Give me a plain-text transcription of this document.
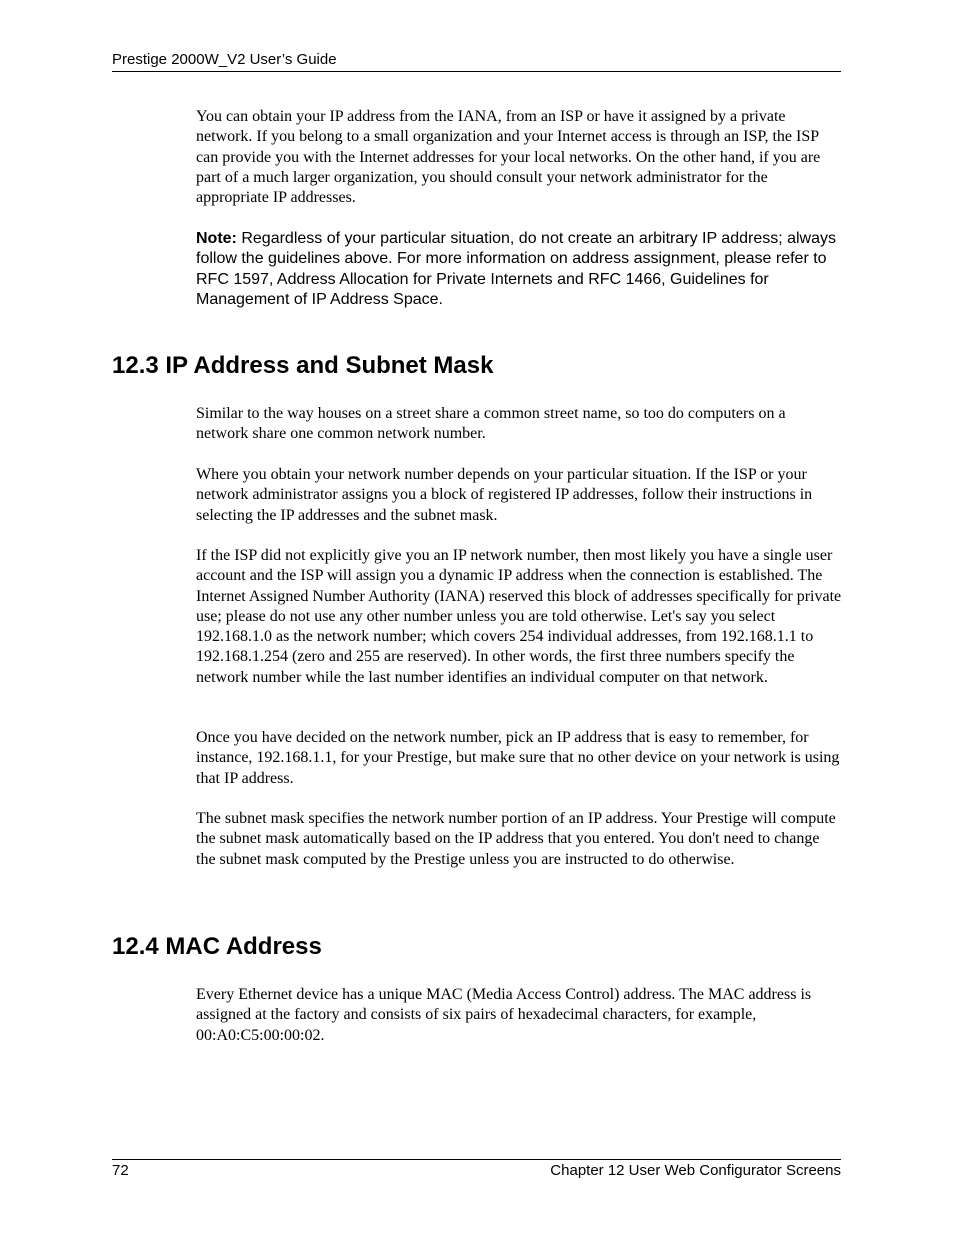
Prestige 2000W_V2 User’s Guide

You can obtain your IP address from the IANA, from an ISP or have it assigned by a private network. If you belong to a small organization and your Internet access is through an ISP, the ISP can provide you with the Internet addresses for your local networks. On the other hand, if you are part of a much larger organization, you should consult your network administrator for the appropriate IP addresses.

Note: Regardless of your particular situation, do not create an arbitrary IP address; always follow the guidelines above. For more information on address assignment, please refer to RFC 1597, Address Allocation for Private Internets and RFC 1466, Guidelines for Management of IP Address Space.

12.3 IP Address and Subnet Mask

Similar to the way houses on a street share a common street name, so too do computers on a network share one common network number.

Where you obtain your network number depends on your particular situation. If the ISP or your network administrator assigns you a block of registered IP addresses, follow their instructions in selecting the IP addresses and the subnet mask.

If the ISP did not explicitly give you an IP network number, then most likely you have a single user account and the ISP will assign you a dynamic IP address when the connection is established. The Internet Assigned Number Authority (IANA) reserved this block of addresses specifically for private use; please do not use any other number unless you are told otherwise. Let's say you select 192.168.1.0 as the network number; which covers 254 individual addresses, from 192.168.1.1 to 192.168.1.254 (zero and 255 are reserved). In other words, the first three numbers specify the network number while the last number identifies an individual computer on that network.

Once you have decided on the network number, pick an IP address that is easy to remember, for instance, 192.168.1.1, for your Prestige, but make sure that no other device on your network is using that IP address.

The subnet mask specifies the network number portion of an IP address. Your Prestige will compute the subnet mask automatically based on the IP address that you entered. You don't need to change the subnet mask computed by the Prestige unless you are instructed to do otherwise.

12.4 MAC Address

Every Ethernet device has a unique MAC (Media Access Control) address. The MAC address is assigned at the factory and consists of six pairs of hexadecimal characters, for example, 00:A0:C5:00:00:02.

72	Chapter 12 User Web Configurator Screens
